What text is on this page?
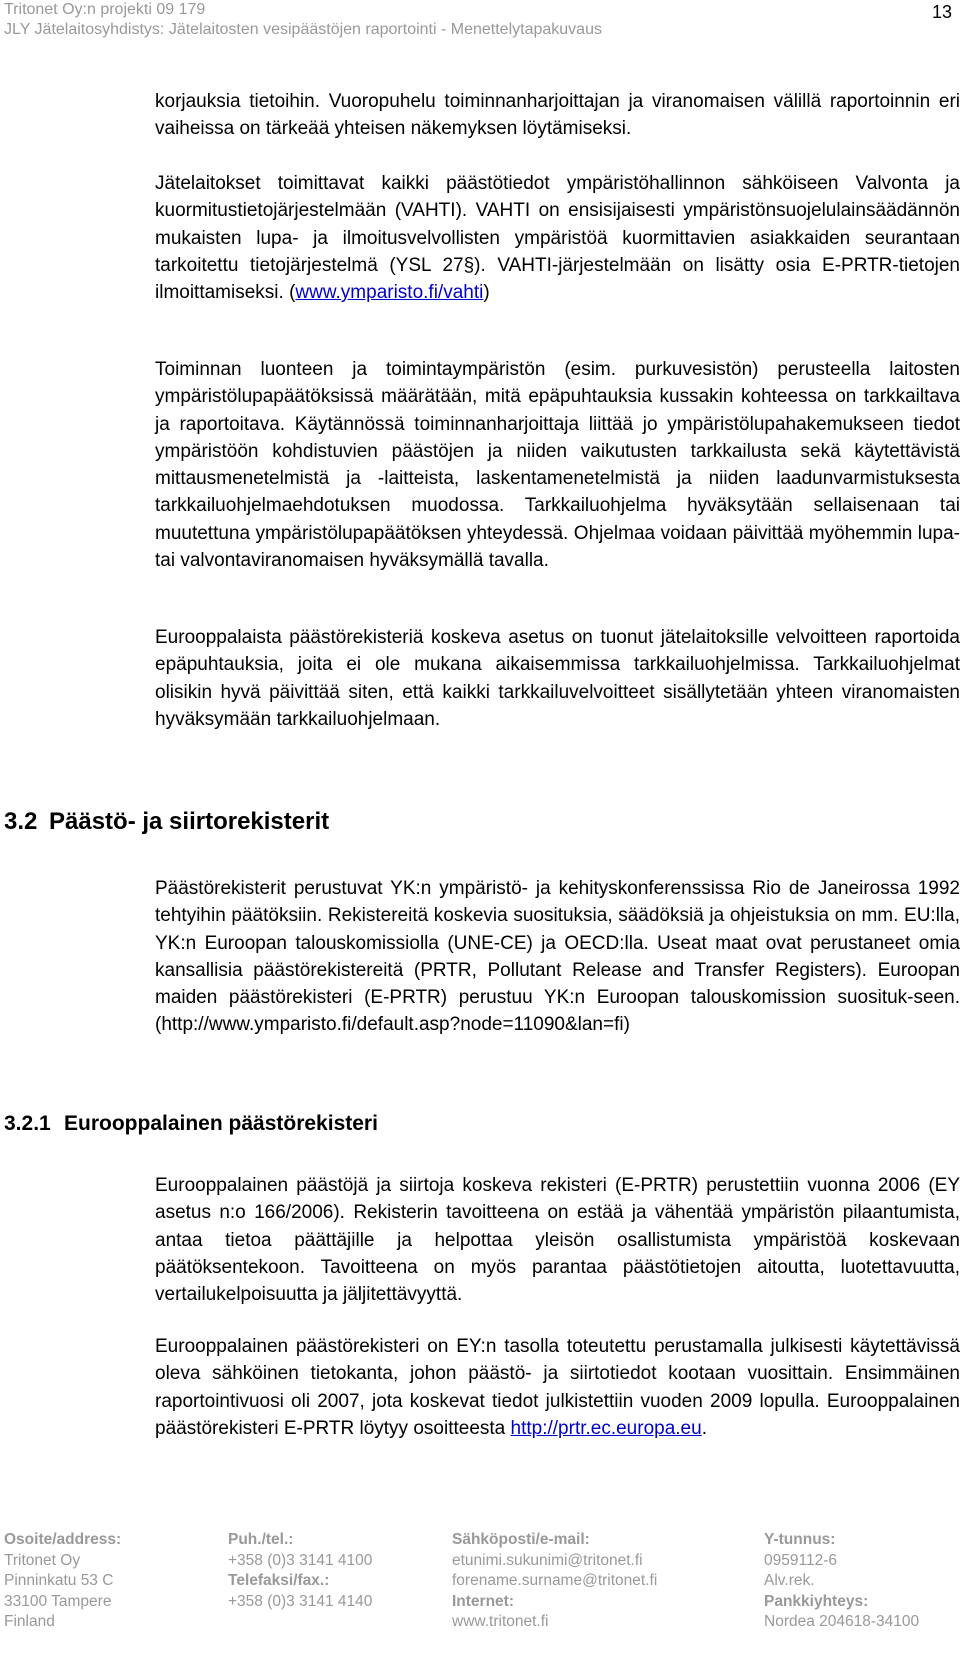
Tritonet Oy:n projekti 09 179
JLY Jätelaitosyhdistys: Jätelaitosten vesipäästöjen raportointi - Menettelytapakuvaus
13

korjauksia tietoihin. Vuoropuhelu toiminnanharjoittajan ja viranomaisen välillä raportoinnin eri vaiheissa on tärkeää yhteisen näkemyksen löytämiseksi.

Jätelaitokset toimittavat kaikki päästötiedot ympäristöhallinnon sähköiseen Valvonta ja kuormitustietojärjestelmään (VAHTI). VAHTI on ensisijaisesti ympäristönsuojelulainsäädännön mukaisten lupa- ja ilmoitusvelvollisten ympäristöä kuormittavien asiakkaiden seurantaan tarkoitettu tietojärjestelmä (YSL 27§). VAHTI-järjestelmään on lisätty osia E-PRTR-tietojen ilmoittamiseksi. (www.ymparisto.fi/vahti)

Toiminnan luonteen ja toimintaympäristön (esim. purkuvesistön) perusteella laitosten ympäristölupapäätöksissä määrätään, mitä epäpuhtauksia kussakin kohteessa on tarkkailtava ja raportoitava. Käytännössä toiminnanharjoittaja liittää jo ympäristölupahakemukseen tiedot ympäristöön kohdistuvien päästöjen ja niiden vaikutusten tarkkailusta sekä käytettävistä mittausmenetelmistä ja -laitteista, laskentamenetelmistä ja niiden laadunvarmistuksesta tarkkailuohjelmaehdotuksen muodossa. Tarkkailuohjelma hyväksytään sellaisenaan tai muutettuna ympäristölupapäätöksen yhteydessä. Ohjelmaa voidaan päivittää myöhemmin lupa- tai valvontaviranomaisen hyväksymällä tavalla.

Eurooppalaista päästörekisteriä koskeva asetus on tuonut jätelaitoksille velvoitteen raportoida epäpuhtauksia, joita ei ole mukana aikaisemmissa tarkkailuohjelmissa. Tarkkailuohjelmat olisikin hyvä päivittää siten, että kaikki tarkkailuvelvoitteet sisällytetään yhteen viranomaisten hyväksymään tarkkailuohjelmaan.

3.2 Päästö- ja siirtorekisterit

Päästörekisterit perustuvat YK:n ympäristö- ja kehityskonferenssissa Rio de Janeirossa 1992 tehtyihin päätöksiin. Rekistereitä koskevia suosituksia, säädöksiä ja ohjeistuksia on mm. EU:lla, YK:n Euroopan talouskomissiolla (UNE-CE) ja OECD:lla. Useat maat ovat perustaneet omia kansallisia päästörekistereitä (PRTR, Pollutant Release and Transfer Registers). Euroopan maiden päästörekisteri (E-PRTR) perustuu YK:n Euroopan talouskomission suosituk-seen. (http://www.ymparisto.fi/default.asp?node=11090&lan=fi)

3.2.1 Eurooppalainen päästörekisteri

Eurooppalainen päästöjä ja siirtoja koskeva rekisteri (E-PRTR) perustettiin vuonna 2006 (EY asetus n:o 166/2006). Rekisterin tavoitteena on estää ja vähentää ympäristön pilaantumista, antaa tietoa päättäjille ja helpottaa yleisön osallistumista ympäristöä koskevaan päätöksentekoon. Tavoitteena on myös parantaa päästötietojen aitoutta, luotettavuutta, vertailukelpoisuutta ja jäljitettävyyttä.

Eurooppalainen päästörekisteri on EY:n tasolla toteutettu perustamalla julkisesti käytettävissä oleva sähköinen tietokanta, johon päästö- ja siirtotiedot kootaan vuosittain. Ensimmäinen raportointivuosi oli 2007, jota koskevat tiedot julkistettiin vuoden 2009 lopulla. Eurooppalainen päästörekisteri E-PRTR löytyy osoitteesta http://prtr.ec.europa.eu.

Osoite/address:
Tritonet Oy
Pinninkatu 53 C
33100 Tampere
Finland
Puh./tel.:
+358 (0)3 3141 4100
Telefaksi/fax.:
+358 (0)3 3141 4140
Sähköposti/e-mail:
etunimi.sukunimi@tritonet.fi
forename.surname@tritonet.fi
Internet:
www.tritonet.fi
Y-tunnus:
0959112-6
Alv.rek.
Pankkiyhteys:
Nordea 204618-34100
